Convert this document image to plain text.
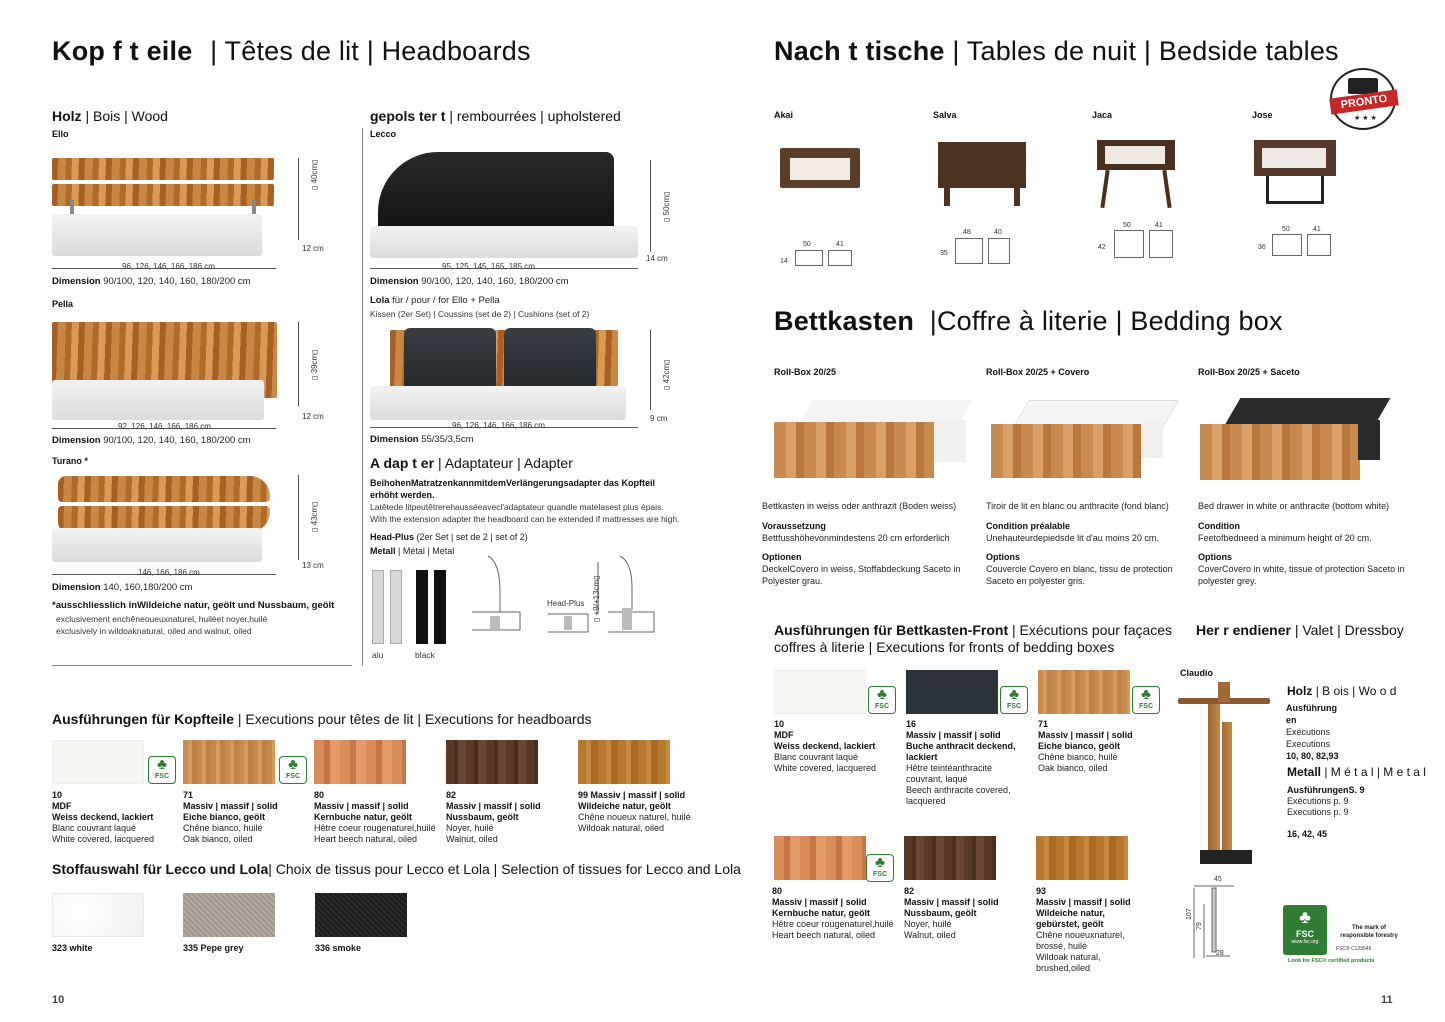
Kop f t eile | Têtes de lit | Headboards
Holz | Bois | Wood
Ello
▯ 40cm▯
12 cm
96, 126, 146, 166, 186 cm
Dimension 90/100, 120, 140, 160, 180/200 cm
Pella
▯ 39cm▯
12 cm
92, 126, 146, 166, 186 cm
Dimension 90/100, 120, 140, 160, 180/200 cm
Turano *
▯ 43cm▯
13 cm
146, 166, 186 cm
Dimension 140, 160,180/200 cm
*ausschliesslich inWildeiche natur, geölt und Nussbaum, geölt
exclusivement enchêneoueuxnaturel, huiléet noyer,huilé
exclusively in wildoaknatural, oiled and walnut, oiled
gepols ter t | rembourrées | upholstered
Lecco
▯ 50cm▯
14 cm
95, 125, 145, 165, 185 cm
Dimension 90/100, 120, 140, 160, 180/200 cm
Lola für / pour / for Ello + Pella
Kissen (2er Set) | Coussins (set de 2) | Cushions (set of 2)
▯ 42cm▯
9 cm
96, 126, 146, 166, 186 cm
Dimension 55/35/3,5cm
A dap t er | Adaptateur | Adapter
BeihohenMatratzenkannmitdemVerlängerungsadapter das Kopfteil
erhöht werden.
Latêtede litpeutêtrerehausséeavecl'adaptateur quandle matelasest plus épais.
With the extension adapter the headboard can be extended if mattresses are high.
Head-Plus (2er Set | set de 2 | set of 2)
Metall | Métal | Metal
alu	black
Head-Plus ▯ +9/+13cm▯
Ausführungen für Kopfteile | Executions pour têtes de lit | Executions for headboards
♣ FSC	♣ FSC
10
MDF
Weiss deckend, lackiert
Blanc couvrant laqué
White covered, lacquered
71
Massiv | massif | solid
Eiche bianco, geölt
Chêne bianco, huilé
Oak bianco, oiled
80
Massiv | massif | solid
Kernbuche natur, geölt
Hêtre coeur rougenaturel,huilé
Heart beech natural, oiled
82
Massiv | massif | solid
Nussbaum, geölt
Noyer, huilé
Walnut, oiled
99 Massiv | massif | solid
Wildeiche natur, geölt
Chêne noueux naturel, huilé
Wildoak natural, oiled
Stoffauswahl für Lecco und Lola| Choix de tissus pour Lecco et Lola | Selection of tissues for Lecco and Lola
323 white	335 Pepe grey	336 smoke
10
Nach t tische | Tables de nuit | Bedside tables
PRONTO
★ ★ ★
Akai	Salva	Jaca	Jose
50	41
14
48	40
35
50	41
42
50	41
36
Bettkasten |Coffre à literie | Bedding box
Roll-Box 20/25	Roll-Box 20/25 + Covero	Roll-Box 20/25 + Saceto
Bettkasten in weiss oder anthrazit (Boden weiss)
Voraussetzung
Bettfusshöhevonmindestens 20 cm erforderlich
Optionen
DeckelCovero in weiss, Stoffabdeckung Saceto in Polyester grau.
Tiroir de lit en blanc ou anthracite (fond blanc)
Condition préalable
Unehauteurdepiedsde lit d'au moins 20 cm.
Options
Couvercle Covero en blanc, tissu de protection Saceto en polyester gris.
Bed drawer in white or anthracite (bottom white)
Condition
Feetofbedneed a minimum height of 20 cm.
Options
CoverCovero in white, tissue of protection Saceto in polyester grey.
Ausführungen für Bettkasten-Front | Exécutions pour façaces
coffres à literie | Executions for fronts of bedding boxes
♣ FSC	♣ FSC	♣ FSC
10
MDF
Weiss deckend, lackiert
Blanc couvrant laqué
White covered, lacquered
16
Massiv | massif | solid
Buche anthracit deckend, lackiert
Hêtre teintéanthracite couvrant, laqué
Beech anthracite covered, lacquered
71
Massiv | massif | solid
Eiche bianco, geölt
Chêne bianco, huilé
Oak bianco, oiled
♣ FSC
80
Massiv | massif | solid
Kernbuche natur, geölt
Hêtre coeur rougenaturel,huilé
Heart beech natural, oiled
82
Massiv | massif | solid
Nussbaum, geölt
Noyer, huilé
Walnut, oiled
93
Massiv | massif | solid
Wildeiche natur, gebürstet, geölt
Chêne noueuxnaturel, brossé, huilé
Wildoak natural, brushed,oiled
Her r endiener | Valet | Dressboy
Claudio
Holz | B ois | Wo o d
Ausführung
en
Exécutions
Executions
10, 80, 82,93
Metall | M é t a l | M e t a l
AusführungenS. 9
Exécutions p. 9
Executions p. 9

16, 42, 45
45
107
79
28
♣
FSC
www.fsc.org
The mark of
responsible forestry
FSC® C123546
Look for FSC® certified products
11
